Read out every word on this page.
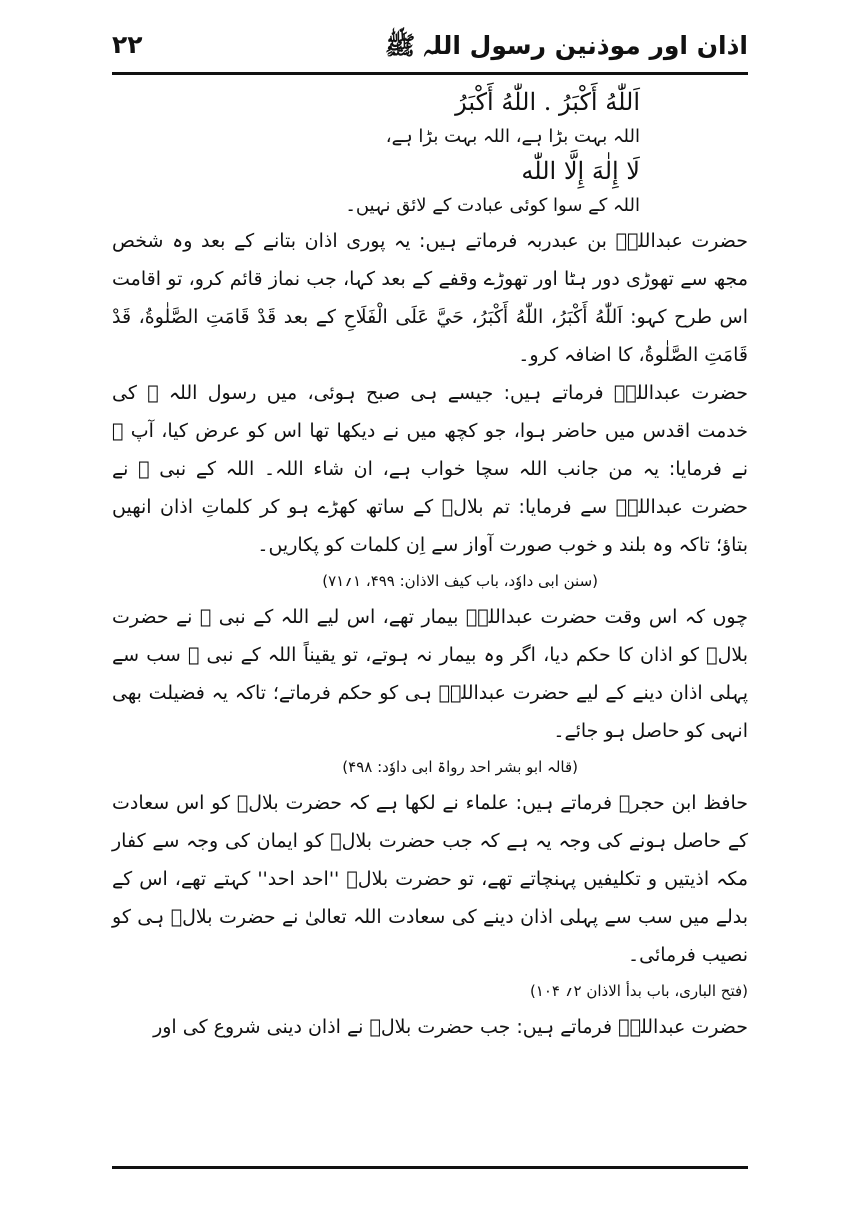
اذان اور موذنین رسول اللہ ﷺ
۲۲

اَللّٰهُ أَكْبَرُ . اللّٰهُ أَكْبَرُ

اللہ بہت بڑا ہے، اللہ بہت بڑا ہے،

لَا إِلٰهَ إِلَّا اللّٰه

اللہ کے سوا کوئی عبادت کے لائق نہیں۔

حضرت عبداللہؓ بن عبدربہ فرماتے ہیں: یہ پوری اذان بتانے کے بعد وہ شخص مجھ سے تھوڑی دور ہٹا اور تھوڑے وقفے کے بعد کہا، جب نماز قائم کرو، تو اقامت اس طرح کہو: اَللّٰهُ أَكْبَرُ، اللّٰهُ أَكْبَرُ، حَيَّ عَلَى الْفَلَاحِ کے بعد قَدْ قَامَتِ الصَّلٰوةُ، قَدْ قَامَتِ الصَّلٰوةُ، کا اضافہ کرو۔

حضرت عبداللہؓ فرماتے ہیں: جیسے ہی صبح ہوئی، میں رسول اللہ ﷺ کی خدمت اقدس میں حاضر ہوا، جو کچھ میں نے دیکھا تھا اس کو عرض کیا، آپ ﷺ نے فرمایا: یہ من جانب اللہ سچا خواب ہے، ان شاء اللہ۔ اللہ کے نبی ﷺ نے حضرت عبداللہؓ سے فرمایا: تم بلالؓ کے ساتھ کھڑے ہو کر کلماتِ اذان انھیں بتاؤ؛ تاکہ وہ بلند و خوب صورت آواز سے اِن کلمات کو پکاریں۔

(سنن ابی داوٗد، باب کیف الاذان: ۴۹۹، ۱؍۷۱)

چوں کہ اس وقت حضرت عبداللہؓ بیمار تھے، اس لیے اللہ کے نبی ﷺ نے حضرت بلالؓ کو اذان کا حکم دیا، اگر وہ بیمار نہ ہوتے، تو یقیناً اللہ کے نبی ﷺ سب سے پہلی اذان دینے کے لیے حضرت عبداللہؓ ہی کو حکم فرماتے؛ تاکہ یہ فضیلت بھی انہی کو حاصل ہو جائے۔

(قالہ ابو بشر احد رواۃ ابی داوٗد: ۴۹۸)

حافظ ابن حجرؒ فرماتے ہیں: علماء نے لکھا ہے کہ حضرت بلالؓ کو اس سعادت کے حاصل ہونے کی وجہ یہ ہے کہ جب حضرت بلالؓ کو ایمان کی وجہ سے کفار مکہ اذیتیں و تکلیفیں پہنچاتے تھے، تو حضرت بلالؓ ''احد احد'' کہتے تھے، اس کے بدلے میں سب سے پہلی اذان دینے کی سعادت اللہ تعالیٰ نے حضرت بلالؓ ہی کو نصیب فرمائی۔

(فتح الباری، باب بدأ الاذان ۲؍ ۱۰۴)

حضرت عبداللہؓ فرماتے ہیں: جب حضرت بلالؓ نے اذان دینی شروع کی اور
